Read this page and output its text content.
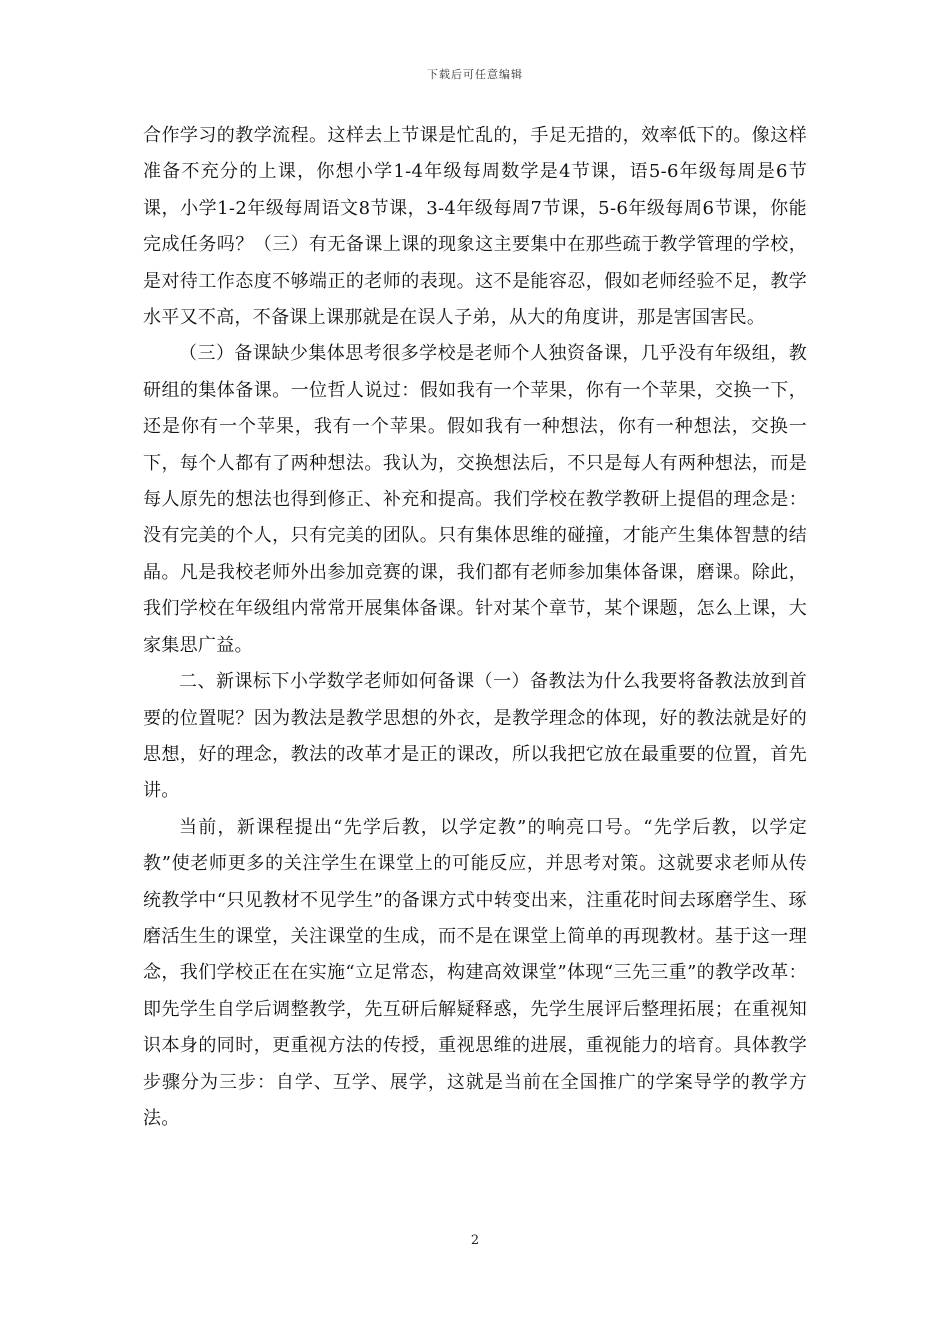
下载后可任意编辑

合作学习的教学流程。这样去上节课是忙乱的，手足无措的，效率低下的。像这样准备不充分的上课，你想小学1-4年级每周数学是4节课，语5-6年级每周是6节课，小学1-2年级每周语文8节课，3-4年级每周7节课，5-6年级每周6节课，你能完成任务吗？（三）有无备课上课的现象这主要集中在那些疏于教学管理的学校，是对待工作态度不够端正的老师的表现。这不是能容忍，假如老师经验不足，教学水平又不高，不备课上课那就是在误人子弟，从大的角度讲，那是害国害民。

（三）备课缺少集体思考很多学校是老师个人独资备课，几乎没有年级组，教研组的集体备课。一位哲人说过：假如我有一个苹果，你有一个苹果，交换一下，还是你有一个苹果，我有一个苹果。假如我有一种想法，你有一种想法，交换一下，每个人都有了两种想法。我认为，交换想法后，不只是每人有两种想法，而是每人原先的想法也得到修正、补充和提高。我们学校在教学教研上提倡的理念是：没有完美的个人，只有完美的团队。只有集体思维的碰撞，才能产生集体智慧的结晶。凡是我校老师外出参加竞赛的课，我们都有老师参加集体备课，磨课。除此，我们学校在年级组内常常开展集体备课。针对某个章节，某个课题，怎么上课，大家集思广益。

二、新课标下小学数学老师如何备课（一）备教法为什么我要将备教法放到首要的位置呢？因为教法是教学思想的外衣，是教学理念的体现，好的教法就是好的思想，好的理念，教法的改革才是正的课改，所以我把它放在最重要的位置，首先讲。

当前，新课程提出“先学后教，以学定教”的响亮口号。“先学后教，以学定教”使老师更多的关注学生在课堂上的可能反应，并思考对策。这就要求老师从传统教学中“只见教材不见学生”的备课方式中转变出来，注重花时间去琢磨学生、琢磨活生生的课堂，关注课堂的生成，而不是在课堂上简单的再现教材。基于这一理念，我们学校正在在实施“立足常态，构建高效课堂”体现“三先三重”的教学改革：即先学生自学后调整教学，先互研后解疑释惑，先学生展评后整理拓展；在重视知识本身的同时，更重视方法的传授，重视思维的进展，重视能力的培育。具体教学步骤分为三步：自学、互学、展学，这就是当前在全国推广的学案导学的教学方法。

2
